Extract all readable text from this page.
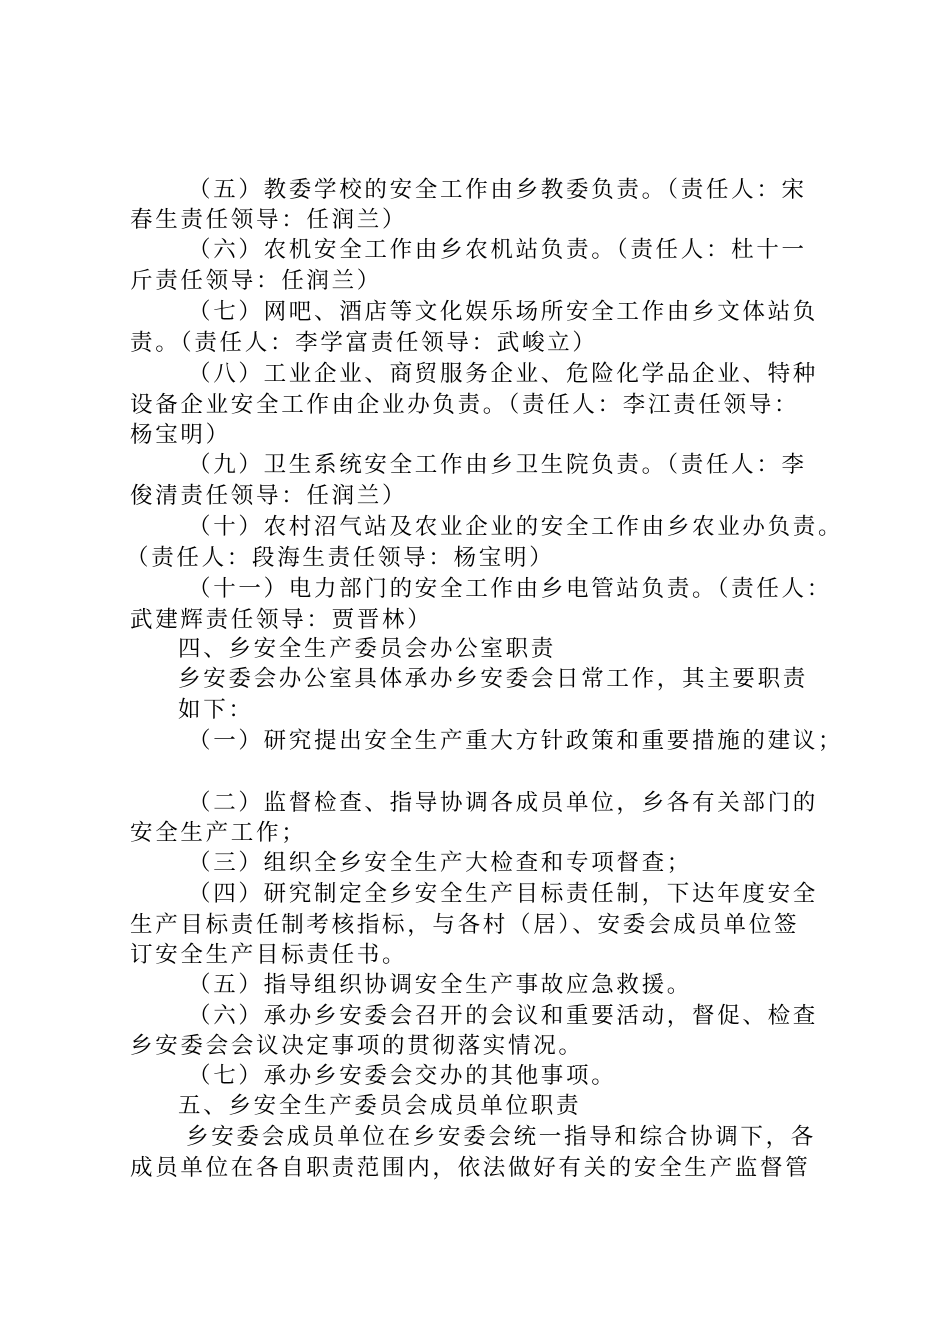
（五）教委学校的安全工作由乡教委负责。（责任人：宋
春生责任领导：任润兰）
（六）农机安全工作由乡农机站负责。（责任人：杜十一
斤责任领导：任润兰）
（七）网吧、酒店等文化娱乐场所安全工作由乡文体站负
责。（责任人：李学富责任领导：武峻立）
（八）工业企业、商贸服务企业、危险化学品企业、特种
设备企业安全工作由企业办负责。（责任人：李江责任领导：
杨宝明）
（九）卫生系统安全工作由乡卫生院负责。（责任人：李
俊清责任领导：任润兰）
（十）农村沼气站及农业企业的安全工作由乡农业办负责。
（责任人：段海生责任领导：杨宝明）
（十一）电力部门的安全工作由乡电管站负责。（责任人：
武建辉责任领导：贾晋林）
四、乡安全生产委员会办公室职责
乡安委会办公室具体承办乡安委会日常工作，其主要职责
如下：
（一）研究提出安全生产重大方针政策和重要措施的建议；
（二）监督检查、指导协调各成员单位，乡各有关部门的
安全生产工作；
（三）组织全乡安全生产大检查和专项督查；
（四）研究制定全乡安全生产目标责任制，下达年度安全
生产目标责任制考核指标，与各村（居）、安委会成员单位签
订安全生产目标责任书。
（五）指导组织协调安全生产事故应急救援。
（六）承办乡安委会召开的会议和重要活动，督促、检查
乡安委会会议决定事项的贯彻落实情况。
（七）承办乡安委会交办的其他事项。
五、乡安全生产委员会成员单位职责
乡安委会成员单位在乡安委会统一指导和综合协调下，各
成员单位在各自职责范围内，依法做好有关的安全生产监督管
